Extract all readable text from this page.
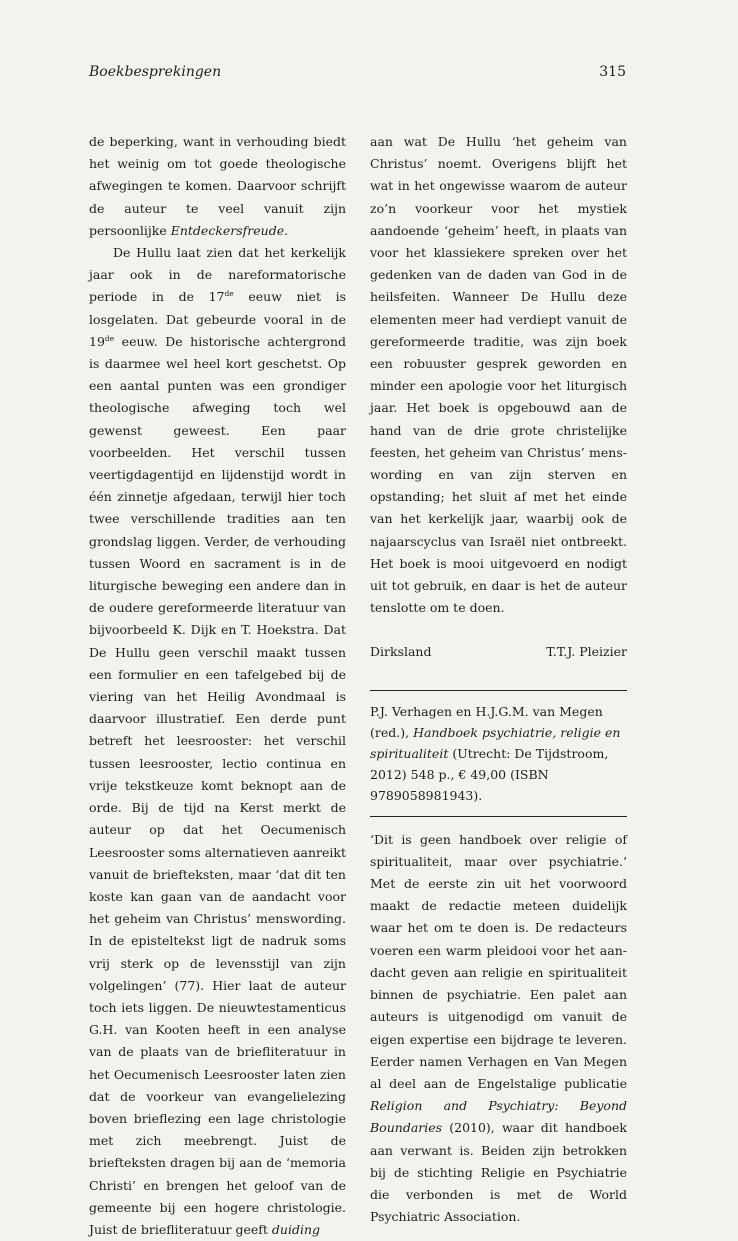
Boekbesprekingen	315

de beperking, want in verhouding biedt het weinig om tot goede theologische afwegingen te komen. Daarvoor schrijft de auteur te veel vanuit zijn persoonlijke Entdeckersfreude.

De Hullu laat zien dat het kerkelijk jaar ook in de nareformatorische periode in de 17de eeuw niet is losgelaten. Dat gebeurde vooral in de 19de eeuw. De historische achtergrond is daarmee wel heel kort geschetst. Op een aantal punten was een grondiger theologische afweging toch wel gewenst geweest. Een paar voorbeelden. Het verschil tussen veertigdagentijd en lijdenstijd wordt in één zinnetje afgedaan, terwijl hier toch twee verschillende tradities aan ten grondslag liggen. Verder, de verhouding tussen Woord en sacrament is in de liturgische beweging een andere dan in de oudere gereformeerde literatuur van bijvoorbeeld K. Dijk en T. Hoekstra. Dat De Hullu geen verschil maakt tussen een formulier en een tafelgebed bij de viering van het Heilig Avondmaal is daarvoor illustratief. Een derde punt betreft het leesrooster: het verschil tussen leesrooster, lectio continua en vrije tekstkeuze komt beknopt aan de orde. Bij de tijd na Kerst merkt de auteur op dat het Oecumenisch Leesrooster soms alternatieven aanreikt vanuit de briefteksten, maar ‘dat dit ten koste kan gaan van de aandacht voor het geheim van Christus’ menswording. In de episteltekst ligt de nadruk soms vrij sterk op de levensstijl van zijn volgelingen’ (77). Hier laat de auteur toch iets liggen. De nieuwtestamenticus G.H. van Kooten heeft in een analyse van de plaats van de briefliteratuur in het Oecumenisch Leesrooster laten zien dat de voorkeur van evangelielezing boven brieflezing een lage christologie met zich meebrengt. Juist de briefteksten dragen bij aan de ‘memoria Christi’ en brengen het geloof van de gemeente bij een hogere christologie. Juist de briefliteratuur geeft duiding

aan wat De Hullu ‘het geheim van Christus’ noemt. Overigens blijft het wat in het ongewisse waarom de auteur zo’n voorkeur voor het mystiek aandoende ‘geheim’ heeft, in plaats van voor het klassiekere spreken over het gedenken van de daden van God in de heilsfeiten. Wanneer De Hullu deze elementen meer had verdiept vanuit de gereformeerde traditie, was zijn boek een robuuster gesprek geworden en minder een apologie voor het liturgisch jaar. Het boek is opgebouwd aan de hand van de drie grote christelijke feesten, het geheim van Christus’ menswording en van zijn sterven en opstanding; het sluit af met het einde van het kerkelijk jaar, waarbij ook de najaarscyclus van Israël niet ontbreekt. Het boek is mooi uitgevoerd en nodigt uit tot gebruik, en daar is het de auteur tenslotte om te doen.

Dirksland	T.T.J. Pleizier

P.J. Verhagen en H.J.G.M. van Megen (red.), Handboek psychiatrie, religie en spiritualiteit (Utrecht: De Tijdstroom, 2012) 548 p., € 49,00 (ISBN 9789058981943).

‘Dit is geen handboek over religie of spiritualiteit, maar over psychiatrie.’ Met de eerste zin uit het voorwoord maakt de redactie meteen duidelijk waar het om te doen is. De redacteurs voeren een warm pleidooi voor het aandacht geven aan religie en spiritualiteit binnen de psychiatrie. Een palet aan auteurs is uitgenodigd om vanuit de eigen expertise een bijdrage te leveren. Eerder namen Verhagen en Van Megen al deel aan de Engelstalige publicatie Religion and Psychiatry: Beyond Boundaries (2010), waar dit handboek aan verwant is. Beiden zijn betrokken bij de stichting Religie en Psychiatrie die verbonden is met de World Psychiatric Association.
